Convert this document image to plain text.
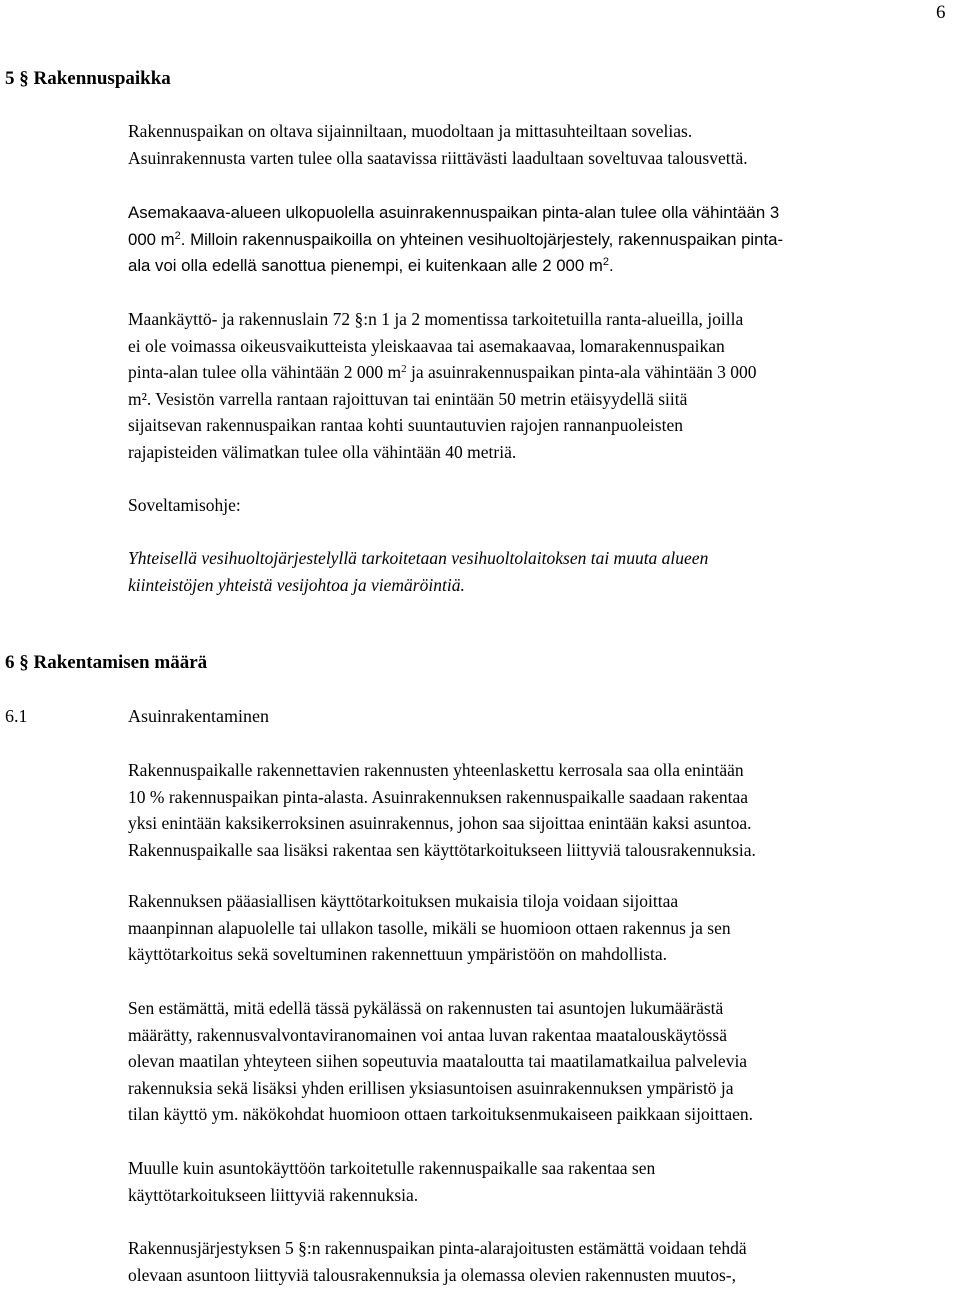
6
5 § Rakennuspaikka
Rakennuspaikan on oltava sijainniltaan, muodoltaan ja mittasuhteiltaan sovelias.
Asuinrakennusta varten tulee olla saatavissa riittävästi laadultaan soveltuvaa talousvettä.
Asemakaava-alueen ulkopuolella asuinrakennuspaikan pinta-alan tulee olla vähintään 3
000 $m^2$. Milloin rakennuspaikoilla on yhteinen vesihuoltojärjestely, rakennuspaikan pinta-
ala voi olla edellä sanottua pienempi, ei kuitenkaan alle 2 000 $m^2$.
Maankäyttö- ja rakennuslain 72 §:n 1 ja 2 momentissa tarkoitetuilla ranta-alueilla, joilla
ei ole voimassa oikeusvaikutteista yleiskaavaa tai asemakaavaa, lomarakennuspaikan
pinta-alan tulee olla vähintään 2 000 $m^2$ ja asuinrakennuspaikan pinta-ala vähintään 3 000
m². Vesistön varrella rantaan rajoittuvan tai enintään 50 metrin etäisyydellä siitä
sijaitsevan rakennuspaikan rantaa kohti suuntautuvien rajojen rannanpuoleisten
rajapisteiden välimatkan tulee olla vähintään 40 metriä.
Soveltamisohje:
Yhteisellä vesihuoltojärjestelyllä tarkoitetaan vesihuoltolaitoksen tai muuta alueen
kiinteistöjen yhteistä vesijohtoa ja viemäröintiä.
6 § Rakentamisen määrä
6.1	Asuinrakentaminen
Rakennuspaikalle rakennettavien rakennusten yhteenlaskettu kerrosala saa olla enintään
10 % rakennuspaikan pinta-alasta. Asuinrakennuksen rakennuspaikalle saadaan rakentaa
yksi enintään kaksikerroksinen asuinrakennus, johon saa sijoittaa enintään kaksi asuntoa.
Rakennuspaikalle saa lisäksi rakentaa sen käyttötarkoitukseen liittyviä talousrakennuksia.
Rakennuksen pääasiallisen käyttötarkoituksen mukaisia tiloja voidaan sijoittaa
maanpinnan alapuolelle tai ullakon tasolle, mikäli se huomioon ottaen rakennus ja sen
käyttötarkoitus sekä soveltuminen rakennettuun ympäristöön on mahdollista.
Sen estämättä, mitä edellä tässä pykälässä on rakennusten tai asuntojen lukumäärästä
määrätty, rakennusvalvontaviranomainen voi antaa luvan rakentaa maatalouskäytössä
olevan maatilan yhteyteen siihen sopeutuvia maataloutta tai maatilamatkailua palvelevia
rakennuksia sekä lisäksi yhden erillisen yksiasuntoisen asuinrakennuksen ympäristö ja
tilan käyttö ym. näkökohdat huomioon ottaen tarkoituksenmukaiseen paikkaan sijoittaen.
Muulle kuin asuntokäyttöön tarkoitetulle rakennuspaikalle saa rakentaa sen
käyttötarkoitukseen liittyviä rakennuksia.
Rakennusjärjestyksen 5 §:n rakennuspaikan pinta-alarajoitusten estämättä voidaan tehdä
olevaan asuntoon liittyviä talousrakennuksia ja olemassa olevien rakennusten muutos-,
